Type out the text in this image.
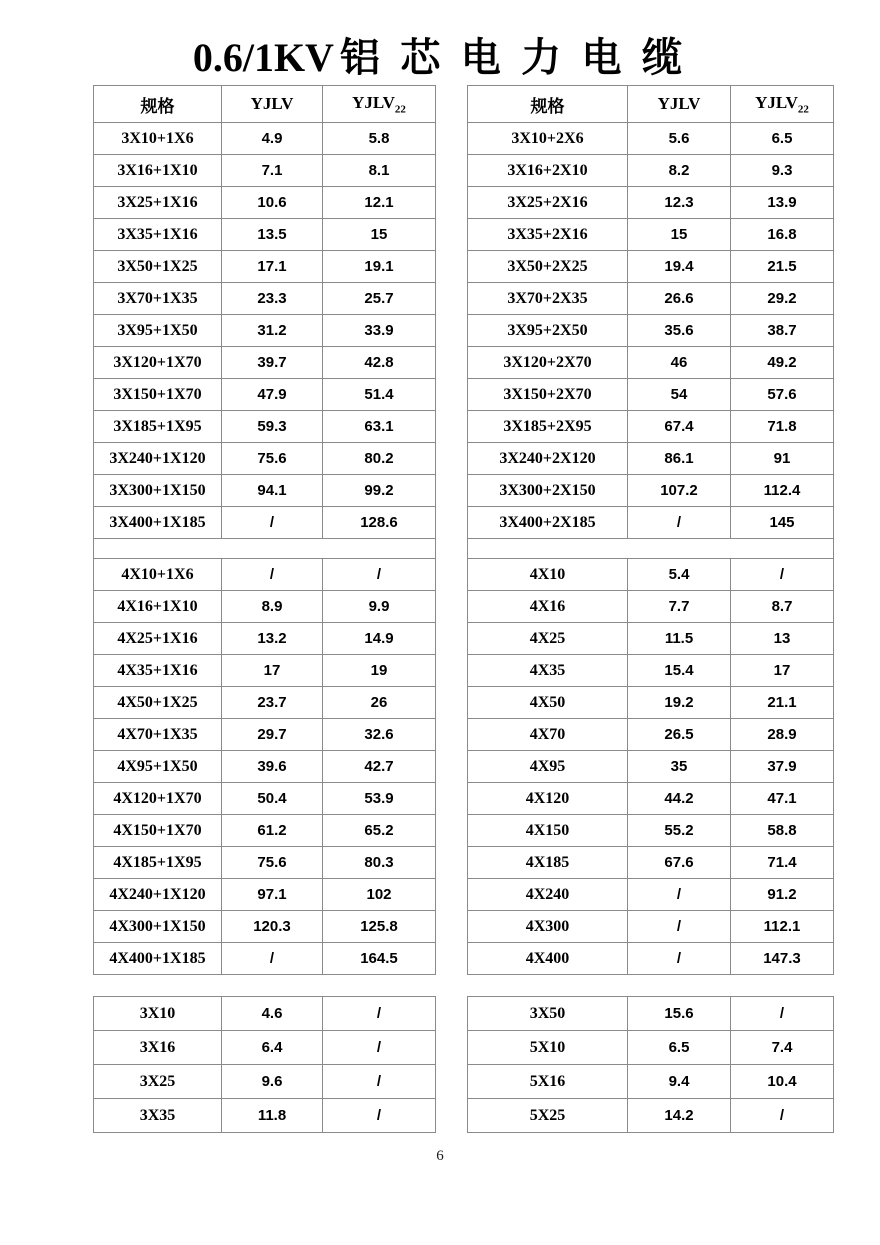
0.6/1KV 铝 芯 电 力 电 缆
规格	YJLV	$YJLV_{22}$
3X10+1X6	4.9	5.8
3X16+1X10	7.1	8.1
3X25+1X16	10.6	12.1
3X35+1X16	13.5	15
3X50+1X25	17.1	19.1
3X70+1X35	23.3	25.7
3X95+1X50	31.2	33.9
3X120+1X70	39.7	42.8
3X150+1X70	47.9	51.4
3X185+1X95	59.3	63.1
3X240+1X120	75.6	80.2
3X300+1X150	94.1	99.2
3X400+1X185	/	128.6

4X10+1X6	/	/
4X16+1X10	8.9	9.9
4X25+1X16	13.2	14.9
4X35+1X16	17	19
4X50+1X25	23.7	26
4X70+1X35	29.7	32.6
4X95+1X50	39.6	42.7
4X120+1X70	50.4	53.9
4X150+1X70	61.2	65.2
4X185+1X95	75.6	80.3
4X240+1X120	97.1	102
4X300+1X150	120.3	125.8
4X400+1X185	/	164.5
3X10	4.6	/
3X16	6.4	/
3X25	9.6	/
3X35	11.8	/
规格	YJLV	$YJLV_{22}$
3X10+2X6	5.6	6.5
3X16+2X10	8.2	9.3
3X25+2X16	12.3	13.9
3X35+2X16	15	16.8
3X50+2X25	19.4	21.5
3X70+2X35	26.6	29.2
3X95+2X50	35.6	38.7
3X120+2X70	46	49.2
3X150+2X70	54	57.6
3X185+2X95	67.4	71.8
3X240+2X120	86.1	91
3X300+2X150	107.2	112.4
3X400+2X185	/	145

4X10	5.4	/
4X16	7.7	8.7
4X25	11.5	13
4X35	15.4	17
4X50	19.2	21.1
4X70	26.5	28.9
4X95	35	37.9
4X120	44.2	47.1
4X150	55.2	58.8
4X185	67.6	71.4
4X240	/	91.2
4X300	/	112.1
4X400	/	147.3
3X50	15.6	/
5X10	6.5	7.4
5X16	9.4	10.4
5X25	14.2	/
6
